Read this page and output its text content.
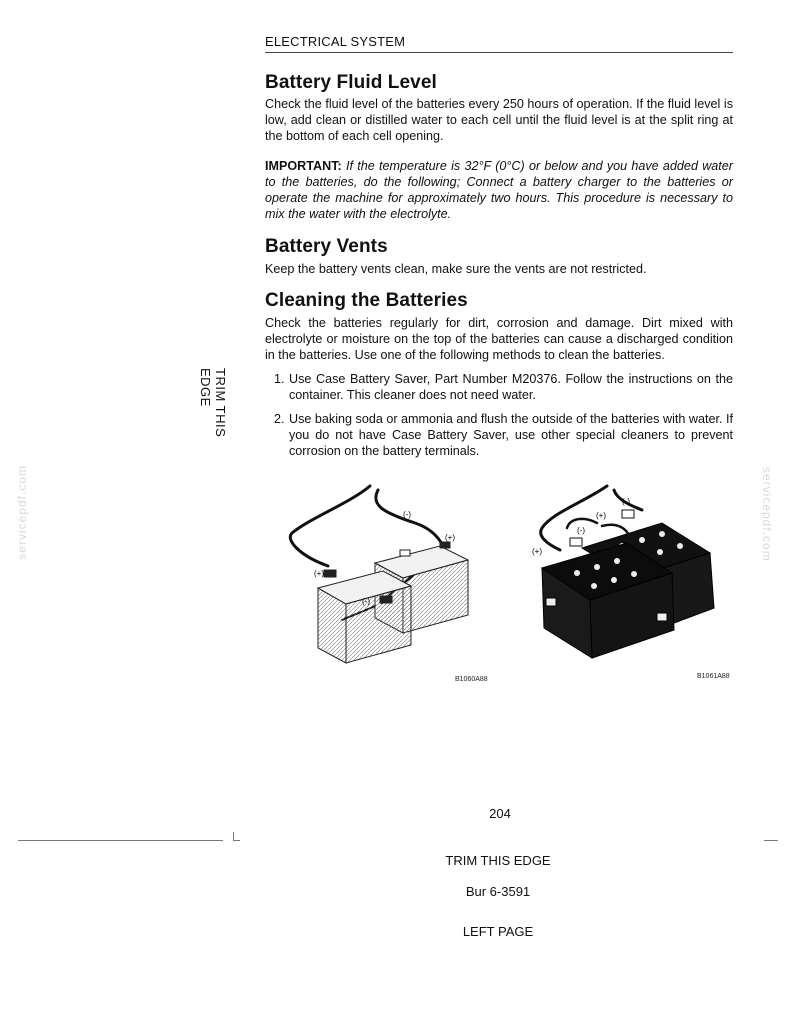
ELECTRICAL SYSTEM
Battery Fluid Level

Check the fluid level of the batteries every 250 hours of operation. If the fluid level is low, add clean or distilled water to each cell until the fluid level is at the split ring at the bottom of each cell opening.

IMPORTANT: If the temperature is 32°F (0°C) or below and you have added water to the batteries, do the following; Connect a battery charger to the batteries or operate the machine for approximately two hours. This procedure is necessary to mix the water with the electrolyte.

Battery Vents

Keep the battery vents clean, make sure the vents are not restricted.

Cleaning the Batteries

Check the batteries regularly for dirt, corrosion and damage. Dirt mixed with electrolyte or moisture on the top of the batteries can cause a discharged condition in the batteries. Use one of the following methods to clean the batteries.

1. Use Case Battery Saver, Part Number M20376. Follow the instructions on the container. This cleaner does not need water.
2. Use baking soda or ammonia and flush the outside of the batteries with water. If you do not have Case Battery Saver, use other special cleaners to prevent corrosion on the battery terminals.
TRIM THIS EDGE
servicepdf.com	servicepdf.com
(-)
(+)
(+)
(-)
B1060A88
(-)
(+)
(-)
(+)
B1061A88
204
TRIM THIS EDGE
Bur 6-3591
LEFT PAGE
